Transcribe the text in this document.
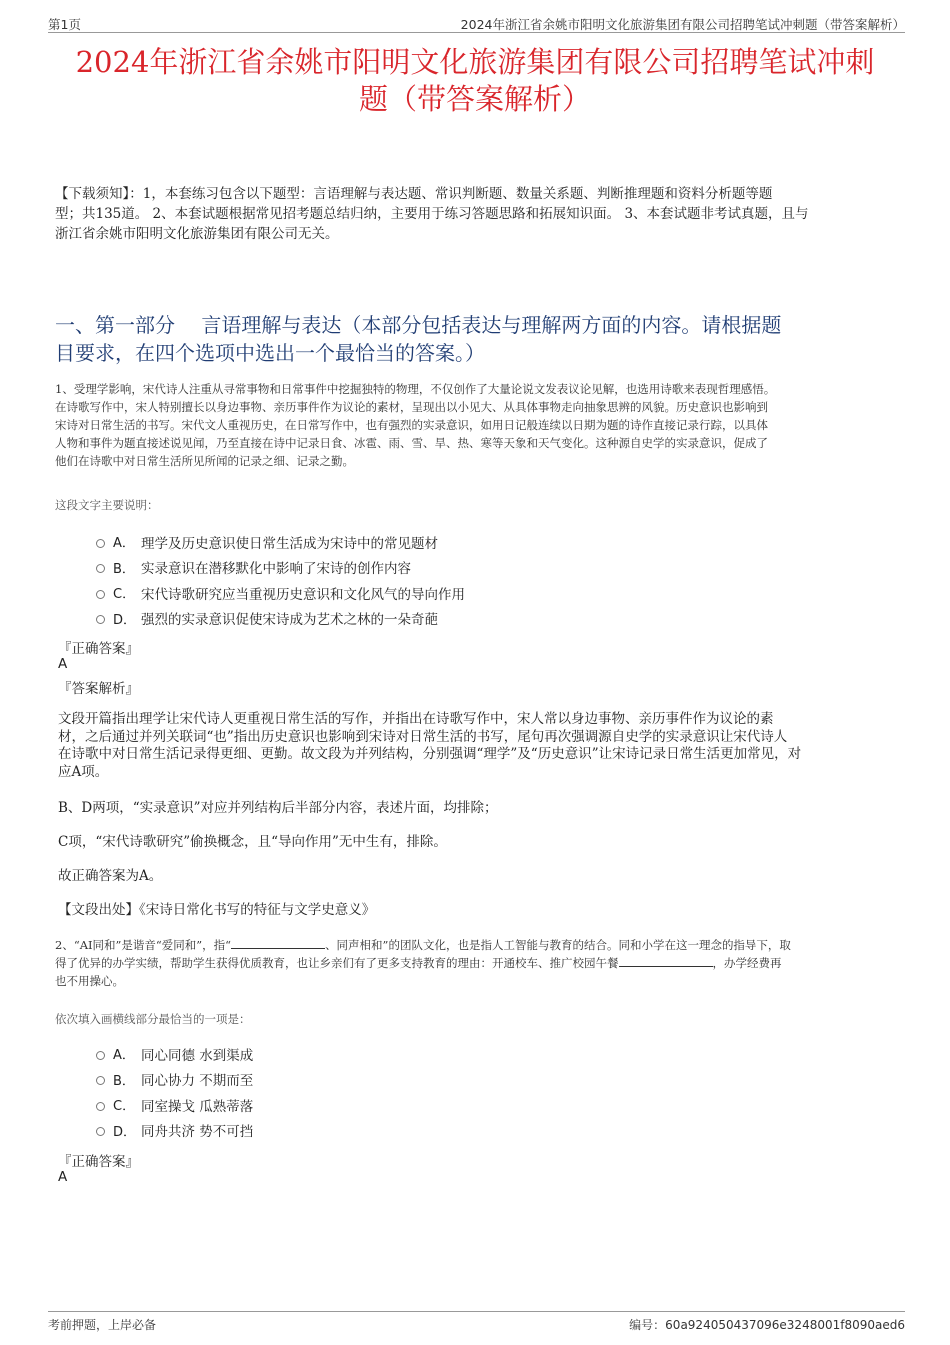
第1页	2024年浙江省余姚市阳明文化旅游集团有限公司招聘笔试冲刺题（带答案解析）
2024年浙江省余姚市阳明文化旅游集团有限公司招聘笔试冲刺
题（带答案解析）
【下载须知】：1，本套练习包含以下题型：言语理解与表达题、常识判断题、数量关系题、判断推理题和资料分析题等题
型；共135道。 2、本套试题根据常见招考题总结归纳，主要用于练习答题思路和拓展知识面。 3、本套试题非考试真题，且与
浙江省余姚市阳明文化旅游集团有限公司无关。
一、第一部分　 言语理解与表达（本部分包括表达与理解两方面的内容。请根据题
目要求，在四个选项中选出一个最恰当的答案。）
1、受理学影响，宋代诗人注重从寻常事物和日常事件中挖掘独特的物理，不仅创作了大量论说文发表议论见解，也选用诗歌来表现哲理感悟。
在诗歌写作中，宋人特别擅长以身边事物、亲历事件作为议论的素材，呈现出以小见大、从具体事物走向抽象思辨的风貌。历史意识也影响到
宋诗对日常生活的书写。宋代文人重视历史，在日常写作中，也有强烈的实录意识，如用日记般连续以日期为题的诗作直接记录行踪，以具体
人物和事件为题直接述说见闻，乃至直接在诗中记录日食、冰雹、雨、雪、旱、热、寒等天象和天气变化。这种源自史学的实录意识，促成了
他们在诗歌中对日常生活所见所闻的记录之细、记录之勤。
这段文字主要说明：
A． 理学及历史意识使日常生活成为宋诗中的常见题材
B． 实录意识在潜移默化中影响了宋诗的创作内容
C． 宋代诗歌研究应当重视历史意识和文化风气的导向作用
D． 强烈的实录意识促使宋诗成为艺术之林的一朵奇葩
『正确答案』
A
『答案解析』
文段开篇指出理学让宋代诗人更重视日常生活的写作，并指出在诗歌写作中，宋人常以身边事物、亲历事件作为议论的素
材，之后通过并列关联词“也”指出历史意识也影响到宋诗对日常生活的书写，尾句再次强调源自史学的实录意识让宋代诗人
在诗歌中对日常生活记录得更细、更勤。故文段为并列结构，分别强调“理学”及“历史意识”让宋诗记录日常生活更加常见，对
应A项。
B、D两项，“实录意识”对应并列结构后半部分内容，表述片面，均排除；
C项，“宋代诗歌研究”偷换概念，且“导向作用”无中生有，排除。
故正确答案为A。
【文段出处】《宋诗日常化书写的特征与文学史意义》
2、“AI同和”是谐音“爱同和”，指“	、同声相和”的团队文化，也是指人工智能与教育的结合。同和小学在这一理念的指导下，取
得了优异的办学实绩，帮助学生获得优质教育，也让乡亲们有了更多支持教育的理由：开通校车、推广校园午餐	，办学经费再
也不用操心。
依次填入画横线部分最恰当的一项是：
A． 同心同德 水到渠成
B． 同心协力 不期而至
C． 同室操戈 瓜熟蒂落
D． 同舟共济 势不可挡
『正确答案』
A
考前押题，上岸必备	编号：60a924050437096e3248001f8090aed6
